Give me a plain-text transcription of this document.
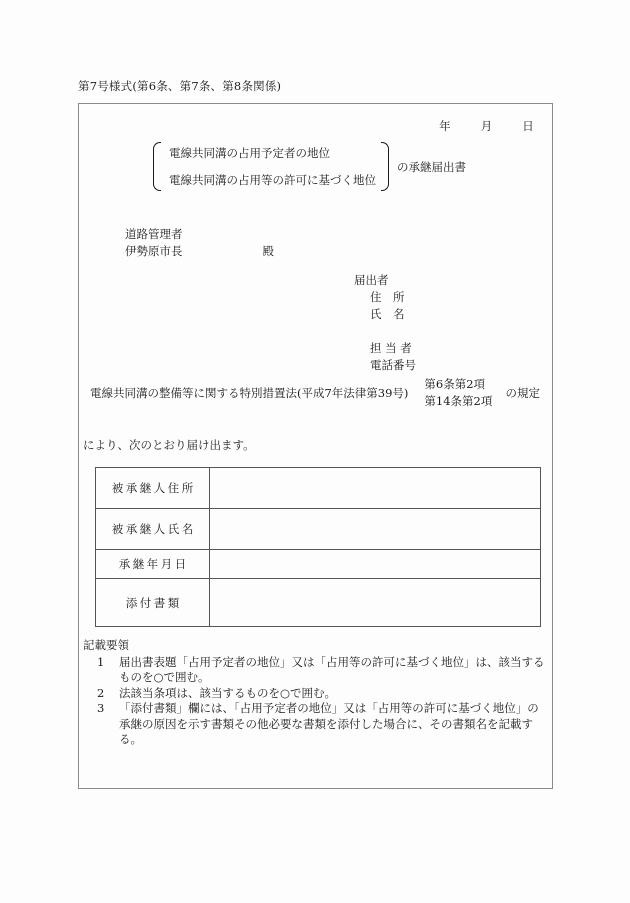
第7号様式(第6条、第7条、第8条関係)
年	月	日
電線共同溝の占用予定者の地位
電線共同溝の占用等の許可に基づく地位
の承継届出書
道路管理者
伊勢原市長	殿
届出者
住　所
氏　名
担 当 者
電話番号
電線共同溝の整備等に関する特別措置法(平成7年法律第39号)
第6条第2項
第14条第2項
の規定
により、次のとおり届け出ます。
被承継人住所	
被承継人氏名	
承継年月日	
添付書類	
記載要領
1	届出書表題「占用予定者の地位」又は「占用等の許可に基づく地位」は、該当するものを○で囲む。
2	法該当条項は、該当するものを○で囲む。
3	「添付書類」欄には、「占用予定者の地位」又は「占用等の許可に基づく地位」の承継の原因を示す書類その他必要な書類を添付した場合に、その書類名を記載する。
